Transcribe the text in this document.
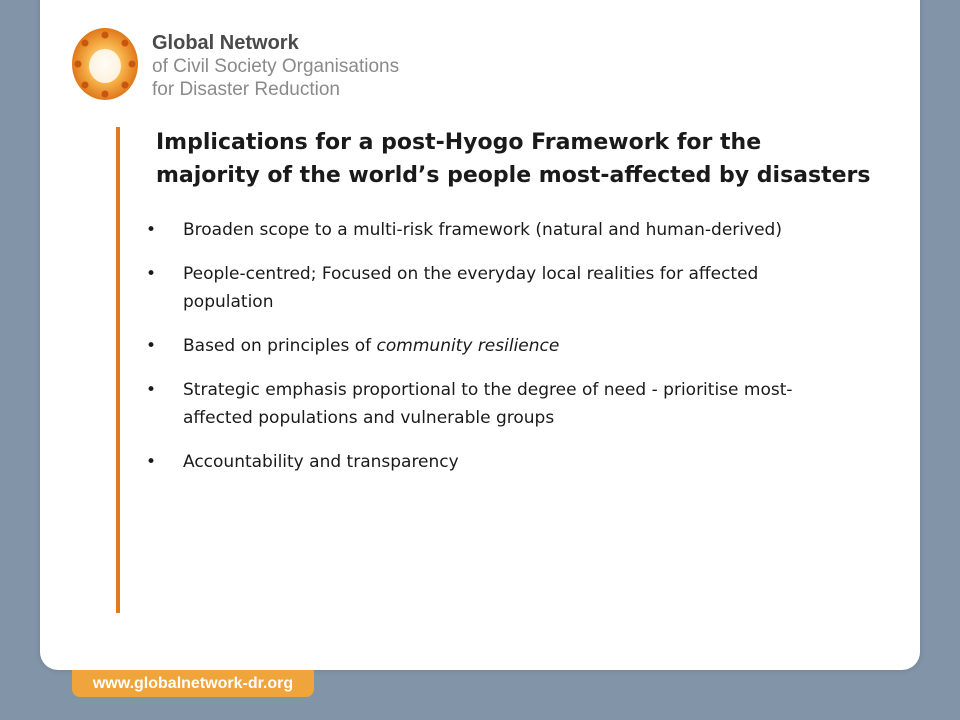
Global Network
of Civil Society Organisations
for Disaster Reduction
Implications for a post-Hyogo Framework for the
majority of the world’s people most-affected by disasters
• Broaden scope to a multi-risk framework (natural and human-derived)
• People-centred; Focused on the everyday local realities for affected population
• Based on principles of community resilience
• Strategic emphasis proportional to the degree of need - prioritise most-affected populations and vulnerable groups
• Accountability and transparency
www.globalnetwork-dr.org
